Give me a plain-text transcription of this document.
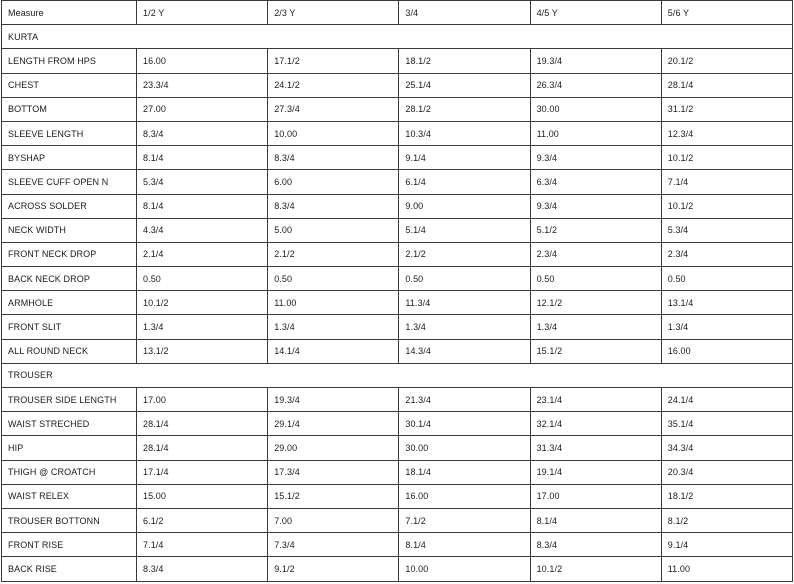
Measure	1/2 Y	2/3 Y	3/4	4/5 Y	5/6 Y
KURTA					
LENGTH FROM HPS	16.00	17.1/2	18.1/2	19.3/4	20.1/2
CHEST	23.3/4	24.1/2	25.1/4	26.3/4	28.1/4
BOTTOM	27.00	27.3/4	28.1/2	30.00	31.1/2
SLEEVE LENGTH	8.3/4	10.00	10.3/4	11.00	12.3/4
BYSHAP	8.1/4	8.3/4	9.1/4	9.3/4	10.1/2
SLEEVE CUFF OPEN N	5.3/4	6.00	6.1/4	6.3/4	7.1/4
ACROSS SOLDER	8.1/4	8.3/4	9.00	9.3/4	10.1/2
NECK WIDTH	4.3/4	5.00	5.1/4	5.1/2	5.3/4
FRONT NECK DROP	2.1/4	2.1/2	2.1/2	2.3/4	2.3/4
BACK NECK DROP	0.50	0.50	0.50	0.50	0.50
ARMHOLE	10.1/2	11.00	11.3/4	12.1/2	13.1/4
FRONT SLIT	1.3/4	1.3/4	1.3/4	1.3/4	1.3/4
ALL ROUND NECK	13.1/2	14.1/4	14.3/4	15.1/2	16.00
TROUSER					
TROUSER SIDE LENGTH	17.00	19.3/4	21.3/4	23.1/4	24.1/4
WAIST STRECHED	28.1/4	29.1/4	30.1/4	32.1/4	35.1/4
HIP	28.1/4	29.00	30.00	31.3/4	34.3/4
THIGH @ CROATCH	17.1/4	17.3/4	18.1/4	19.1/4	20.3/4
WAIST RELEX	15.00	15.1/2	16.00	17.00	18.1/2
TROUSER BOTTONN	6.1/2	7.00	7.1/2	8.1/4	8.1/2
FRONT RISE	7.1/4	7.3/4	8.1/4	8.3/4	9.1/4
BACK RISE	8.3/4	9.1/2	10.00	10.1/2	11.00
